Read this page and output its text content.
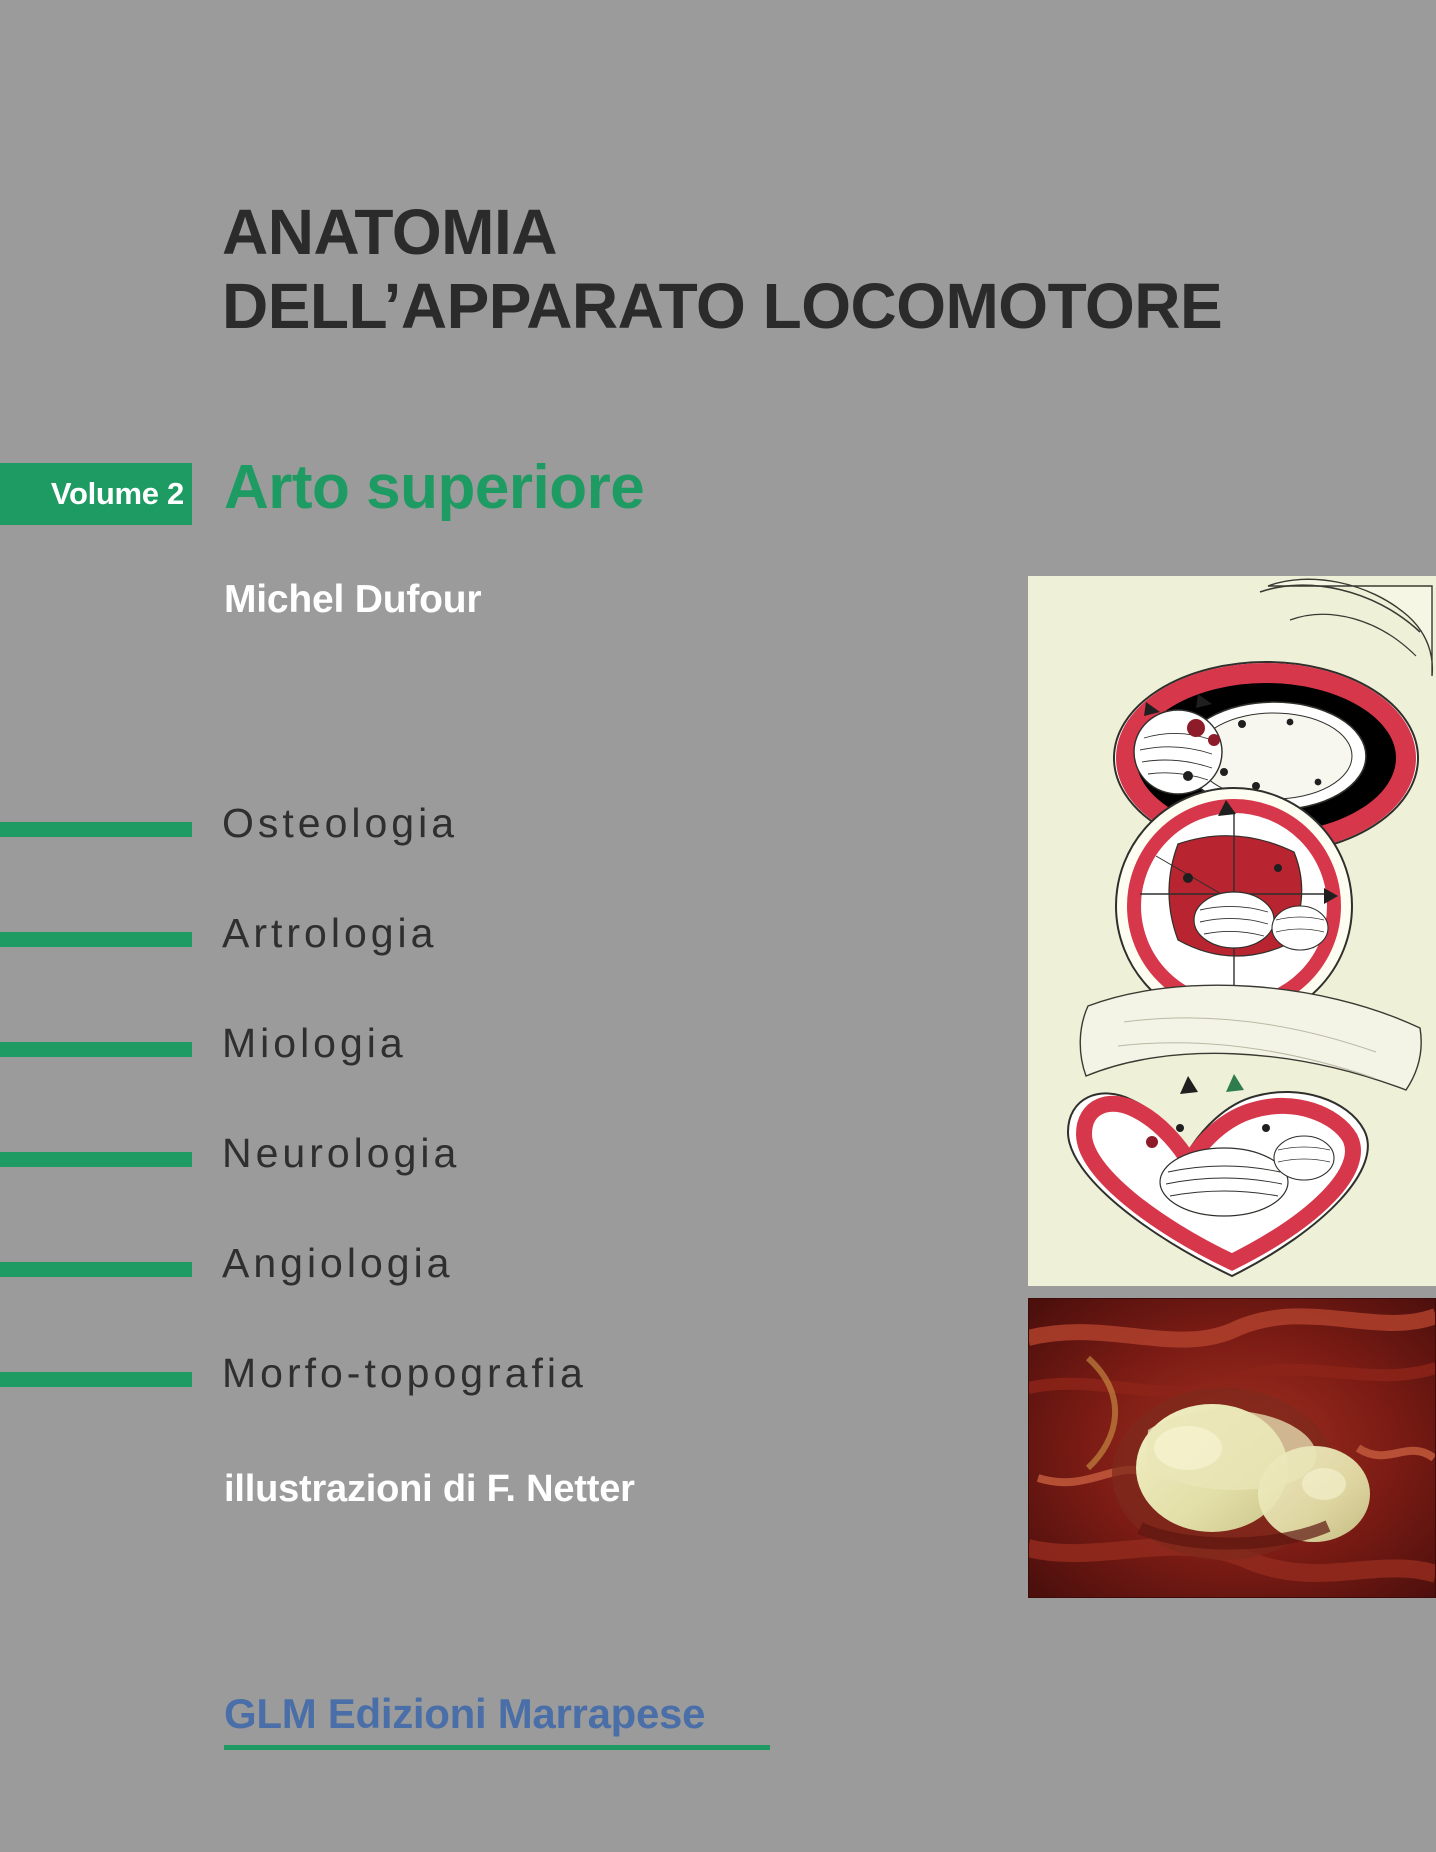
ANATOMIA
DELL’APPARATO LOCOMOTORE
Volume 2 Arto superiore
Michel Dufour
Osteologia
Artrologia
Miologia
Neurologia
Angiologia
Morfo-topografia
illustrazioni di F. Netter
GLM Edizioni Marrapese
